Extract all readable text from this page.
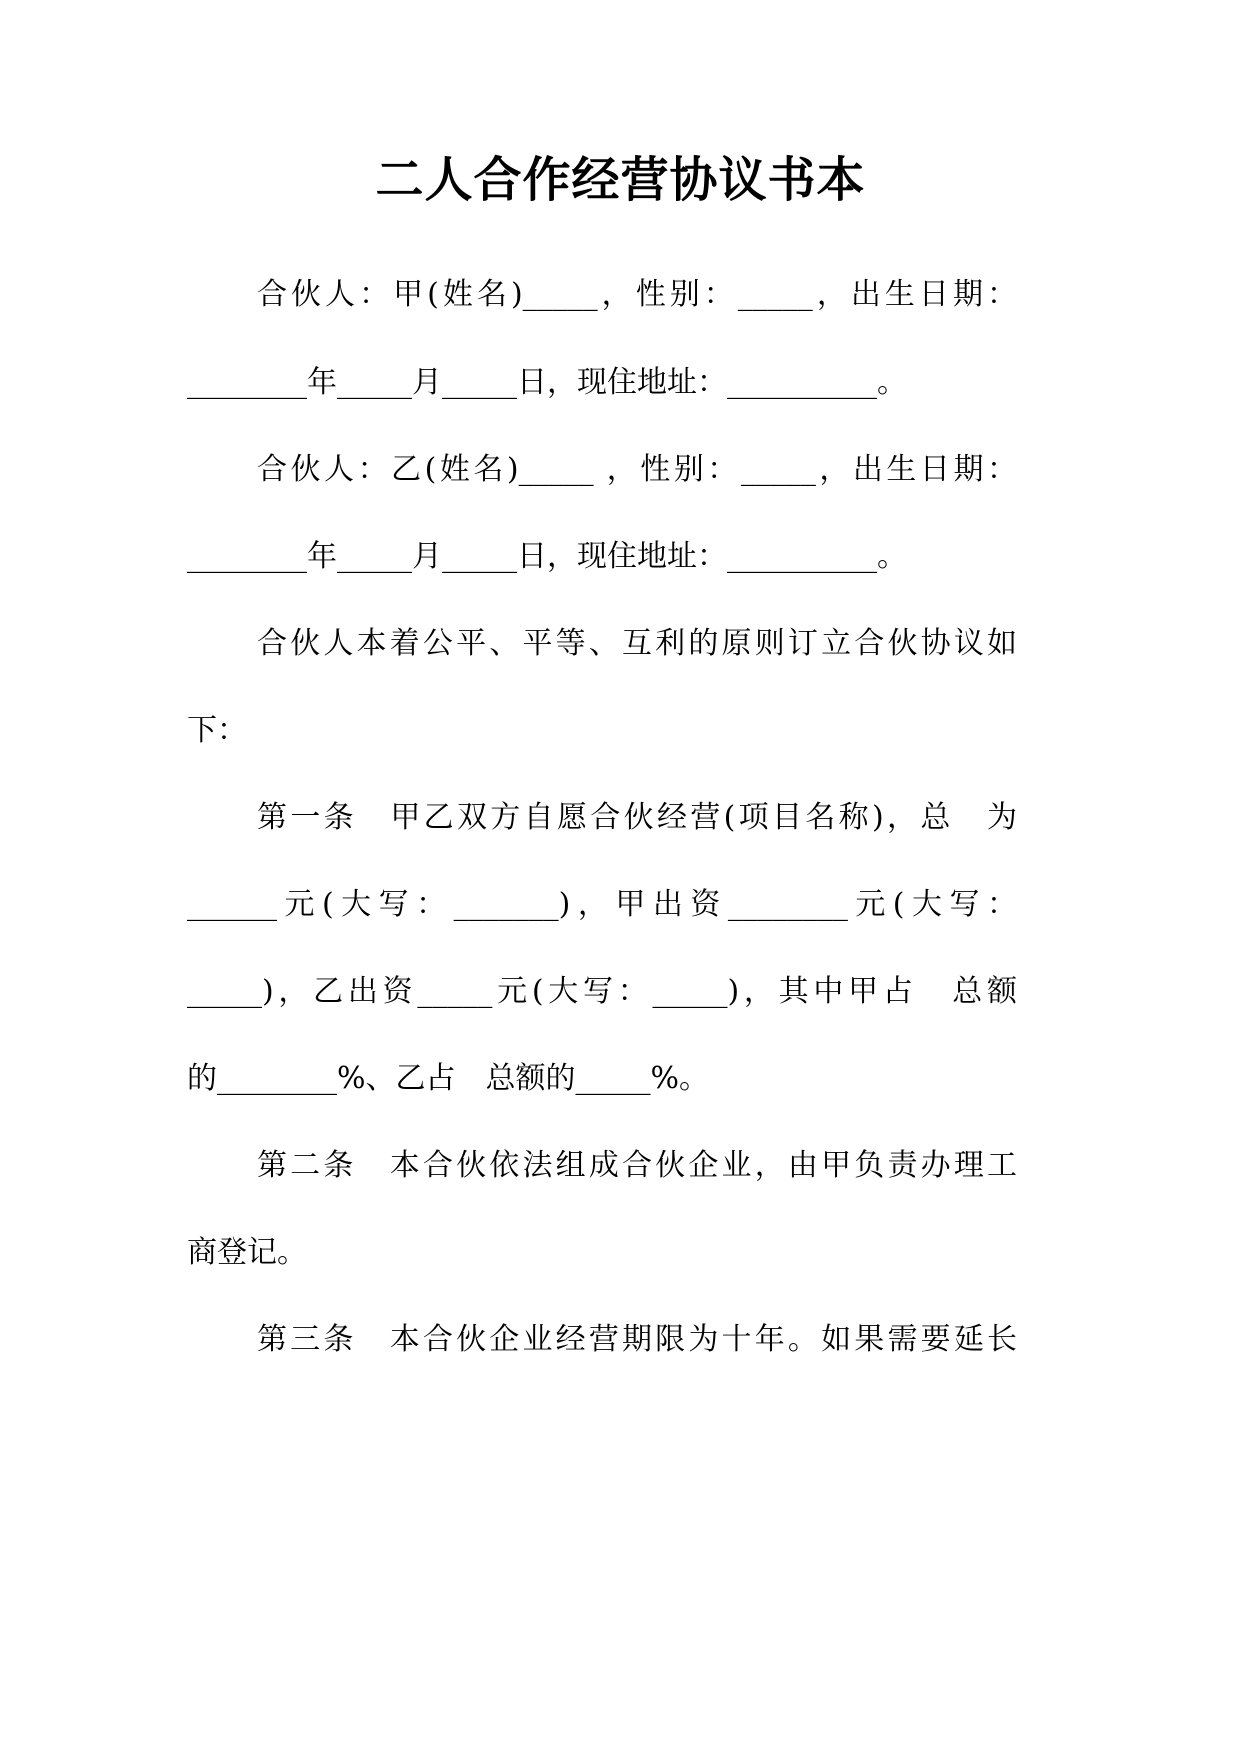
二人合作经营协议书本
合伙人：甲(姓名)_____，性别：_____，出生日期：
________年_____月_____日，现住地址：__________。
合伙人：乙(姓名)_____ ，性别：_____，出生日期：
________年_____月_____日，现住地址：__________。
合伙人本着公平、平等、互利的原则订立合伙协议如
下：
第一条　甲乙双方自愿合伙经营(项目名称)，总　为
______元(大写：_______)，甲出资________元(大写：
_____)，乙出资_____元(大写：_____)，其中甲占　总额
的________%、乙占　总额的_____%。
第二条　本合伙依法组成合伙企业，由甲负责办理工
商登记。
第三条　本合伙企业经营期限为十年。如果需要延长
